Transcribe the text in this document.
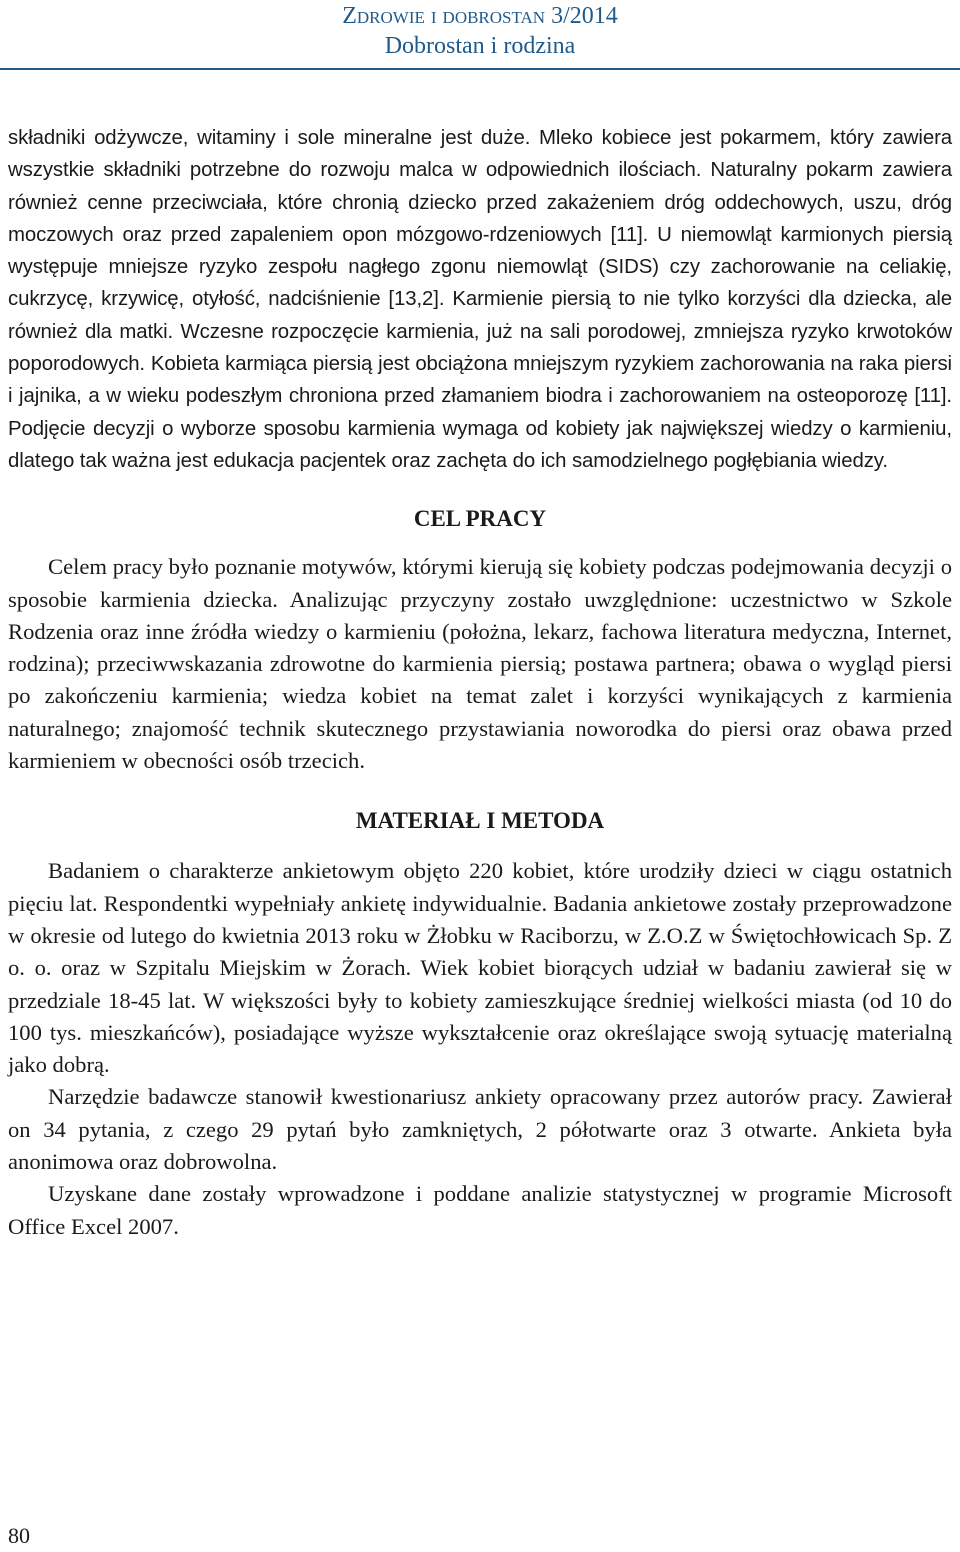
Zdrowie i dobrostan 3/2014
Dobrostan i rodzina

składniki odżywcze, witaminy i sole mineralne jest duże. Mleko kobiece jest pokarmem, który zawiera wszystkie składniki potrzebne do rozwoju malca w odpowiednich ilościach. Naturalny pokarm zawiera również cenne przeciwciała, które chronią dziecko przed zakażeniem dróg oddechowych, uszu, dróg moczowych oraz przed zapaleniem opon mózgowo-rdzeniowych [11]. U niemowląt karmionych piersią występuje mniejsze ryzyko zespołu nagłego zgonu niemowląt (SIDS) czy zachorowanie na celiakię, cukrzycę, krzywicę, otyłość, nadciśnienie [13,2]. Karmienie piersią to nie tylko korzyści dla dziecka, ale również dla matki. Wczesne rozpoczęcie karmienia, już na sali porodowej, zmniejsza ryzyko krwotoków poporodowych. Kobieta karmiąca piersią jest obciążona mniejszym ryzykiem zachorowania na raka piersi i jajnika, a w wieku podeszłym chroniona przed złamaniem biodra i zachorowaniem na osteoporozę [11]. Podjęcie decyzji o wyborze sposobu karmienia wymaga od kobiety jak największej wiedzy o karmieniu, dlatego tak ważna jest edukacja pacjentek oraz zachęta do ich samodzielnego pogłębiania wiedzy.

CEL PRACY

Celem pracy było poznanie motywów, którymi kierują się kobiety podczas podejmowania decyzji o sposobie karmienia dziecka. Analizując przyczyny zostało uwzględnione: uczestnictwo w Szkole Rodzenia oraz inne źródła wiedzy o karmieniu (położna, lekarz, fachowa literatura medyczna, Internet, rodzina); przeciwwskazania zdrowotne do karmienia piersią; postawa partnera; obawa o wygląd piersi po zakończeniu karmienia; wiedza kobiet na temat zalet i korzyści wynikających z karmienia naturalnego; znajomość technik skutecznego przystawiania noworodka do piersi oraz obawa przed karmieniem w obecności osób trzecich.

MATERIAŁ I METODA

Badaniem o charakterze ankietowym objęto 220 kobiet, które urodziły dzieci w ciągu ostatnich pięciu lat. Respondentki wypełniały ankietę indywidualnie. Badania ankietowe zostały przeprowadzone w okresie od lutego do kwietnia 2013 roku w Żłobku w Raciborzu, w Z.O.Z w Świętochłowicach Sp. Z o. o. oraz w Szpitalu Miejskim w Żorach. Wiek kobiet biorących udział w badaniu zawierał się w przedziale 18-45 lat. W większości były to kobiety zamieszkujące średniej wielkości miasta (od 10 do 100 tys. mieszkańców), posiadające wyższe wykształcenie oraz określające swoją sytuację materialną jako dobrą.

Narzędzie badawcze stanowił kwestionariusz ankiety opracowany przez autorów pracy. Zawierał on 34 pytania, z czego 29 pytań było zamkniętych, 2 półotwarte oraz 3 otwarte. Ankieta była anonimowa oraz dobrowolna.

Uzyskane dane zostały wprowadzone i poddane analizie statystycznej w programie Microsoft Office Excel 2007.

80
